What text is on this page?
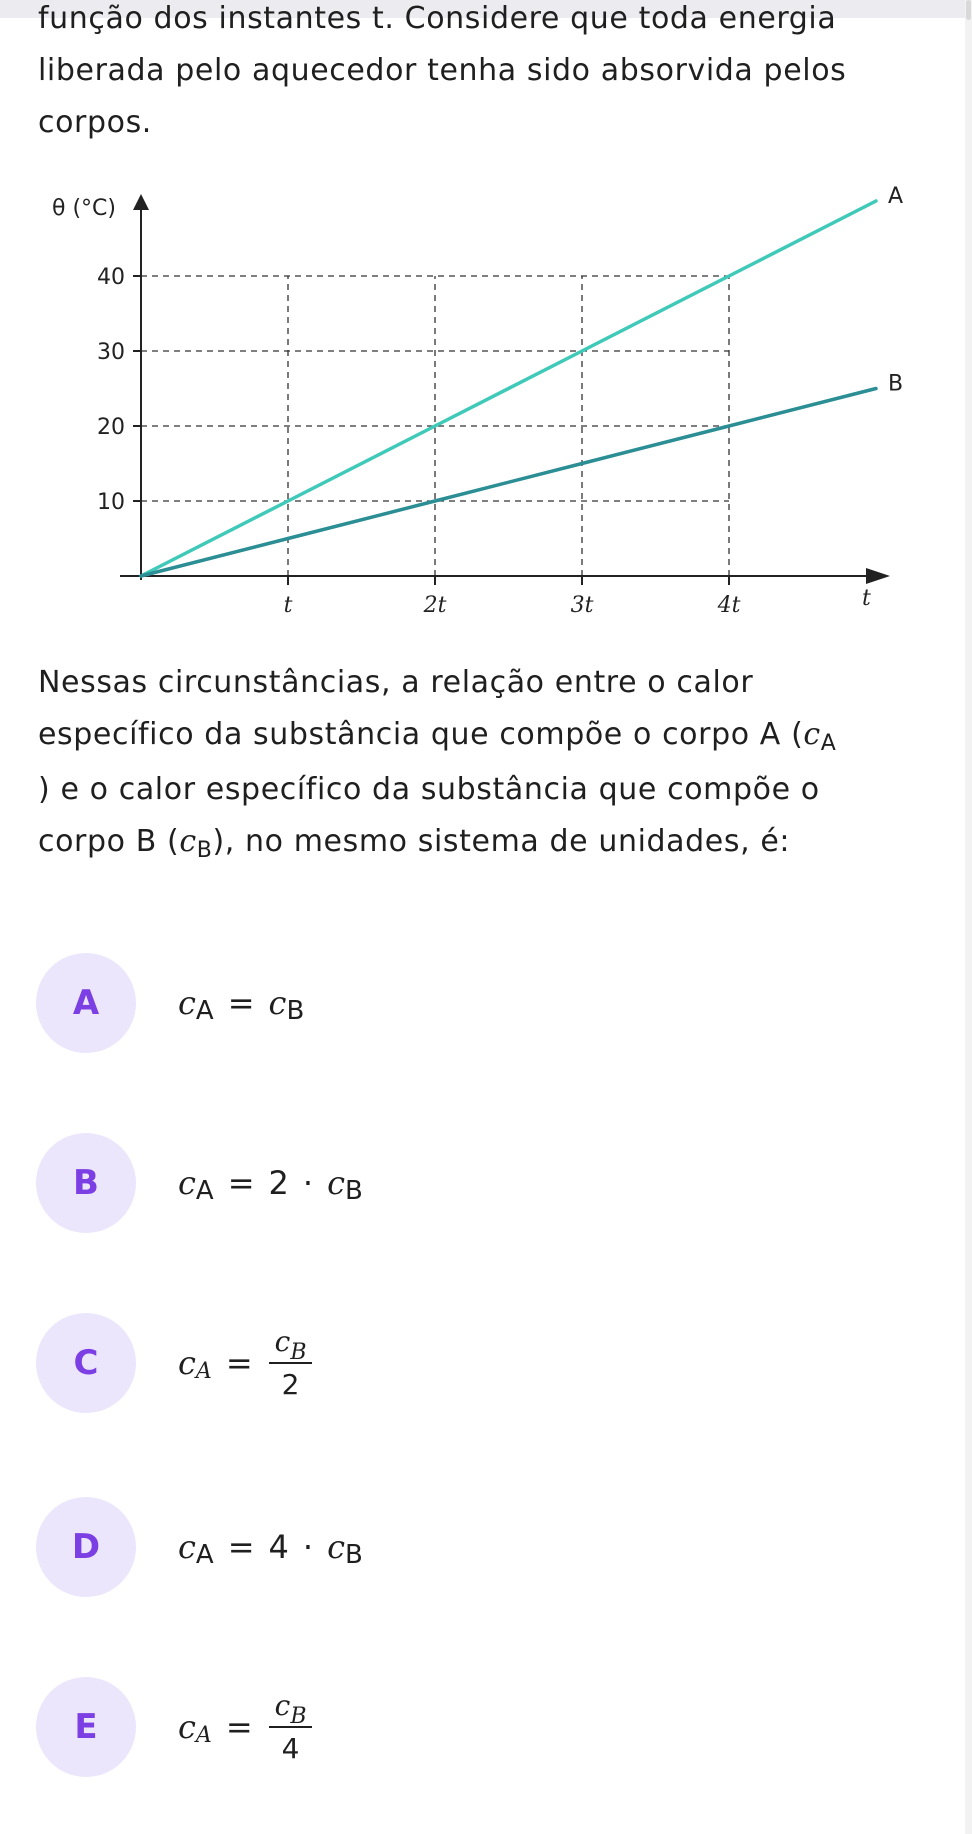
função dos instantes t. Considere que toda energia
liberada pelo aquecedor tenha sido absorvida pelos
corpos.
θ (°C)
t
10
20
30
40
t	2t	3t	4t
A
B
Nessas circunstâncias, a relação entre o calor
específico da substância que compõe o corpo A ($c_A$
) e o calor específico da substância que compõe o
corpo B $(c_B)$, no mesmo sistema de unidades, é:
A	c A = c B
B	c A = 2 · c B
C	c $A = \frac{c_B}{2}$
D	c A = 4 · c B
E	c $A = \frac{c_B}{4}$
